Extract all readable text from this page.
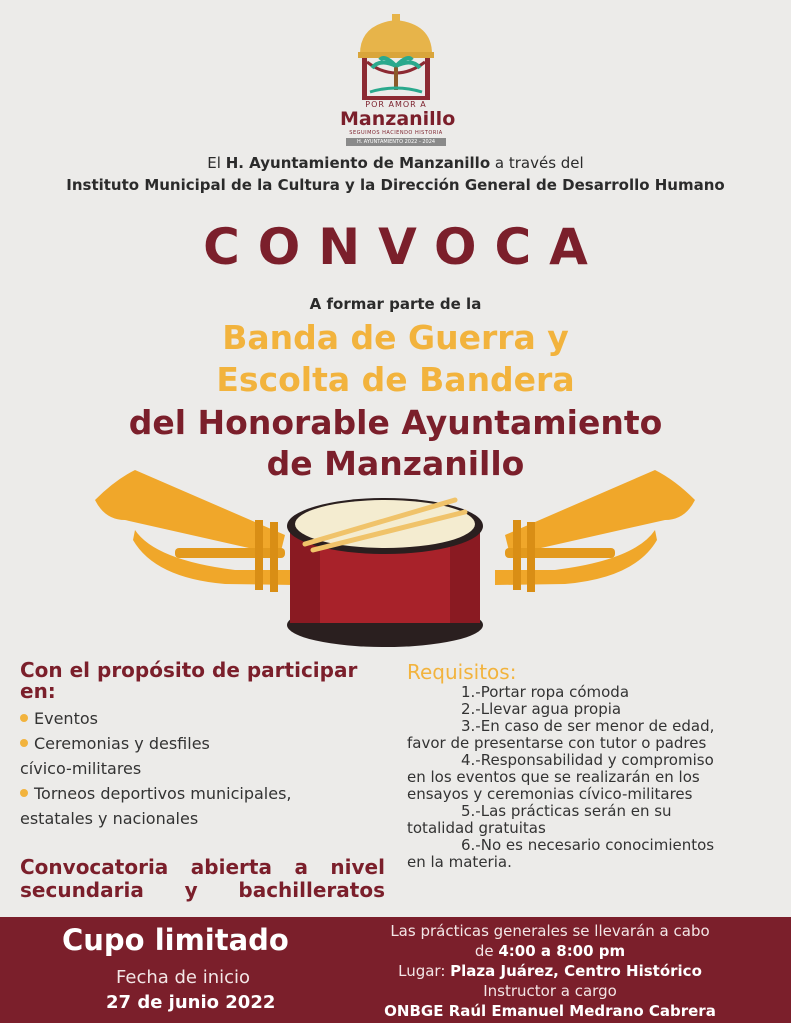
POR AMOR A
Manzanillo
SEGUIMOS HACIENDO HISTORIA
H. AYUNTAMIENTO 2022 - 2024
El H. Ayuntamiento de Manzanillo a través del
Instituto Municipal de la Cultura y la Dirección General de Desarrollo Humano
CONVOCA
A formar parte de la
Banda de Guerra y
Escolta de Bandera
del Honorable Ayuntamiento
de Manzanillo
Con el propósito de participar
en:
Eventos
Ceremonias y desfiles
cívico-militares
Torneos deportivos municipales,
estatales y nacionales
Convocatoria abierta a nivel
secundaria y bachilleratos
Requisitos:
1.-Portar ropa cómoda
2.-Llevar agua propia
3.-En caso de ser menor de edad,
favor de presentarse con tutor o padres
4.-Responsabilidad y compromiso
en los eventos que se realizarán en los
ensayos y ceremonias cívico-militares
5.-Las prácticas serán en su
totalidad gratuitas
6.-No es necesario conocimientos
en la materia.
Cupo limitado
Fecha de inicio
27 de junio 2022
Las prácticas generales se llevarán a cabo
de 4:00 a 8:00 pm
Lugar: Plaza Juárez, Centro Histórico
Instructor a cargo
ONBGE Raúl Emanuel Medrano Cabrera
